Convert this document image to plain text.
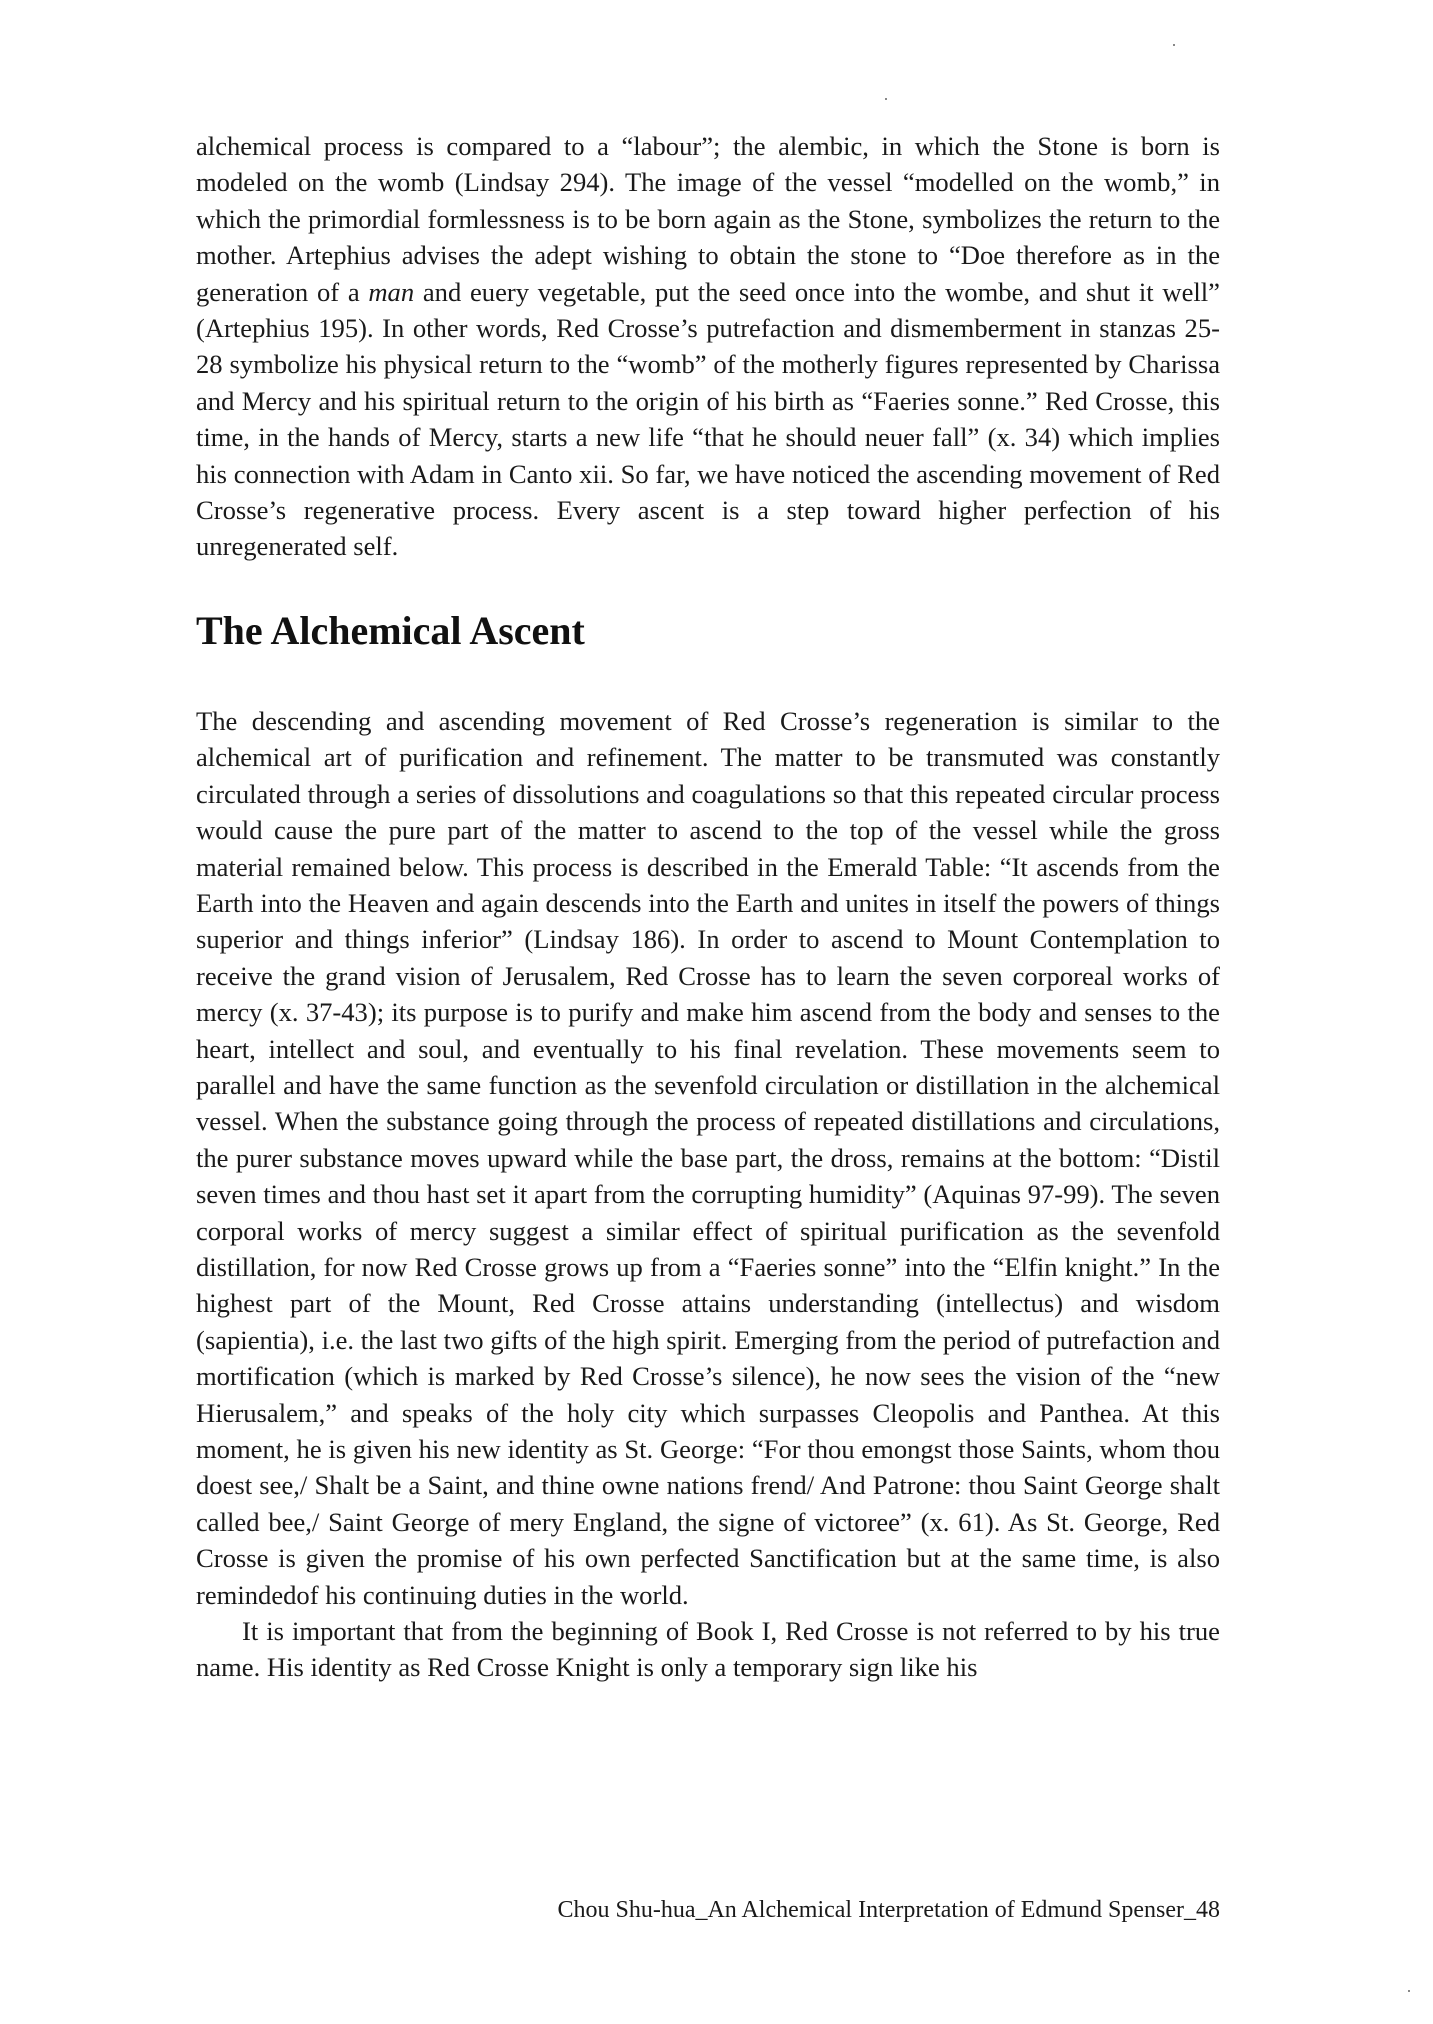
alchemical process is compared to a “labour”; the alembic, in which the Stone is born is modeled on the womb (Lindsay 294). The image of the vessel “modelled on the womb,” in which the primordial formlessness is to be born again as the Stone, symbolizes the return to the mother. Artephius advises the adept wishing to obtain the stone to “Doe therefore as in the generation of a man and euery vegetable, put the seed once into the wombe, and shut it well” (Artephius 195). In other words, Red Crosse’s putrefaction and dismemberment in stanzas 25-28 symbolize his physical return to the “womb” of the motherly figures represented by Charissa and Mercy and his spiritual return to the origin of his birth as “Faeries sonne.” Red Crosse, this time, in the hands of Mercy, starts a new life “that he should neuer fall” (x. 34) which implies his connection with Adam in Canto xii. So far, we have noticed the ascending movement of Red Crosse’s regenerative process. Every ascent is a step toward higher perfection of his unregenerated self.

The Alchemical Ascent

The descending and ascending movement of Red Crosse’s regeneration is similar to the alchemical art of purification and refinement. The matter to be transmuted was constantly circulated through a series of dissolutions and coagulations so that this repeated circular process would cause the pure part of the matter to ascend to the top of the vessel while the gross material remained below. This process is described in the Emerald Table: “It ascends from the Earth into the Heaven and again descends into the Earth and unites in itself the powers of things superior and things inferior” (Lindsay 186). In order to ascend to Mount Contemplation to receive the grand vision of Jerusalem, Red Crosse has to learn the seven corporeal works of mercy (x. 37-43); its purpose is to purify and make him ascend from the body and senses to the heart, intellect and soul, and eventually to his final revelation. These movements seem to parallel and have the same function as the sevenfold circulation or distillation in the alchemical vessel. When the substance going through the process of repeated distillations and circulations, the purer substance moves upward while the base part, the dross, remains at the bottom: “Distil seven times and thou hast set it apart from the corrupting humidity” (Aquinas 97-99). The seven corporal works of mercy suggest a similar effect of spiritual purification as the sevenfold distillation, for now Red Crosse grows up from a “Faeries sonne” into the “Elfin knight.” In the highest part of the Mount, Red Crosse attains understanding (intellectus) and wisdom (sapientia), i.e. the last two gifts of the high spirit. Emerging from the period of putrefaction and mortification (which is marked by Red Crosse’s silence), he now sees the vision of the “new Hierusalem,” and speaks of the holy city which surpasses Cleopolis and Panthea. At this moment, he is given his new identity as St. George: “For thou emongst those Saints, whom thou doest see,/ Shalt be a Saint, and thine owne nations frend/ And Patrone: thou Saint George shalt called bee,/ Saint George of mery England, the signe of victoree” (x. 61). As St. George, Red Crosse is given the promise of his own perfected Sanctification but at the same time, is also remindedof his continuing duties in the world.

It is important that from the beginning of Book I, Red Crosse is not referred to by his true name. His identity as Red Crosse Knight is only a temporary sign like his

Chou Shu-hua_An Alchemical Interpretation of Edmund Spenser_48
